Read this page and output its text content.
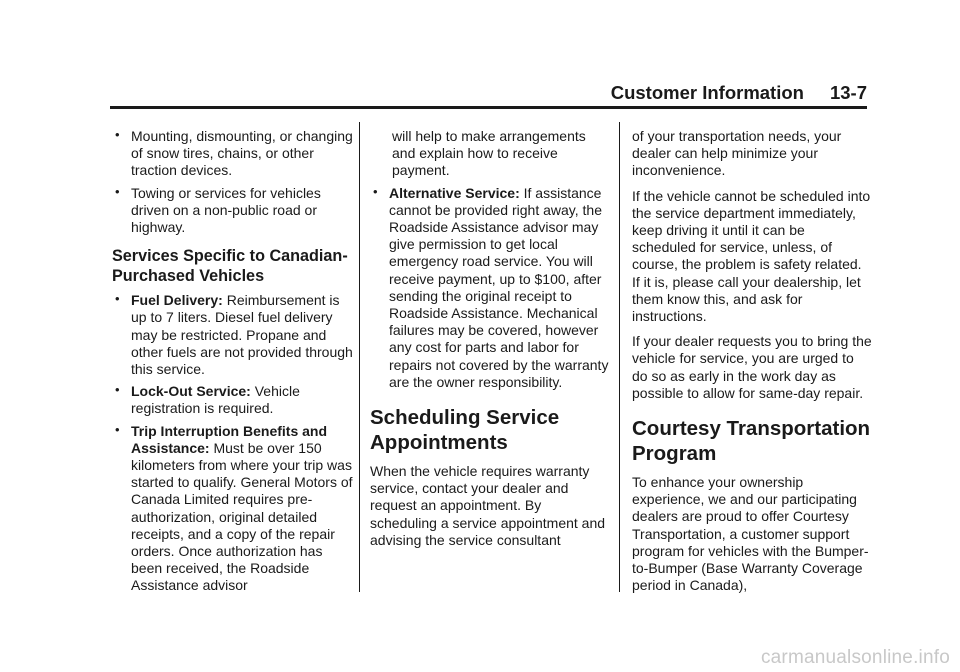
Customer Information 13-7
• Mounting, dismounting, or changing of snow tires, chains, or other traction devices.
• Towing or services for vehicles driven on a non-public road or highway.
Services Specific to Canadian-Purchased Vehicles
• Fuel Delivery: Reimbursement is up to 7 liters. Diesel fuel delivery may be restricted. Propane and other fuels are not provided through this service.
• Lock-Out Service: Vehicle registration is required.
• Trip Interruption Benefits and Assistance: Must be over 150 kilometers from where your trip was started to qualify. General Motors of Canada Limited requires pre-authorization, original detailed receipts, and a copy of the repair orders. Once authorization has been received, the Roadside Assistance advisor
will help to make arrangements and explain how to receive payment.
• Alternative Service: If assistance cannot be provided right away, the Roadside Assistance advisor may give permission to get local emergency road service. You will receive payment, up to $100, after sending the original receipt to Roadside Assistance. Mechanical failures may be covered, however any cost for parts and labor for repairs not covered by the warranty are the owner responsibility.
Scheduling Service Appointments
When the vehicle requires warranty service, contact your dealer and request an appointment. By scheduling a service appointment and advising the service consultant
of your transportation needs, your dealer can help minimize your inconvenience.
If the vehicle cannot be scheduled into the service department immediately, keep driving it until it can be scheduled for service, unless, of course, the problem is safety related. If it is, please call your dealership, let them know this, and ask for instructions.
If your dealer requests you to bring the vehicle for service, you are urged to do so as early in the work day as possible to allow for same-day repair.
Courtesy Transportation Program
To enhance your ownership experience, we and our participating dealers are proud to offer Courtesy Transportation, a customer support program for vehicles with the Bumper-to-Bumper (Base Warranty Coverage period in Canada),
carmanualsonline.info
